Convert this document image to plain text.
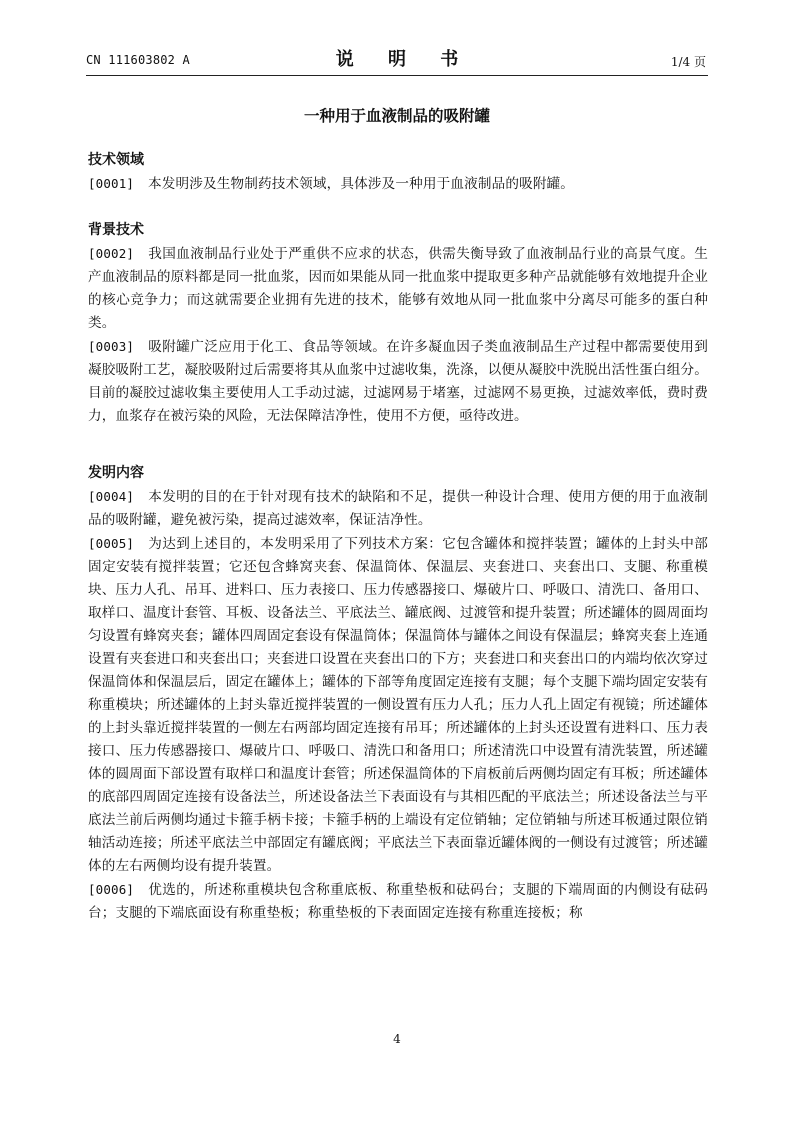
CN 111603802 A	说 明 书	1/4 页
一种用于血液制品的吸附罐

技术领域

[0001] 本发明涉及生物制药技术领域，具体涉及一种用于血液制品的吸附罐。

背景技术

[0002] 我国血液制品行业处于严重供不应求的状态，供需失衡导致了血液制品行业的高景气度。生产血液制品的原料都是同一批血浆，因而如果能从同一批血浆中提取更多种产品就能够有效地提升企业的核心竞争力；而这就需要企业拥有先进的技术，能够有效地从同一批血浆中分离尽可能多的蛋白种类。

[0003] 吸附罐广泛应用于化工、食品等领域。在许多凝血因子类血液制品生产过程中都需要使用到凝胶吸附工艺，凝胶吸附过后需要将其从血浆中过滤收集，洗涤，以便从凝胶中洗脱出活性蛋白组分。目前的凝胶过滤收集主要使用人工手动过滤，过滤网易于堵塞，过滤网不易更换，过滤效率低，费时费力，血浆存在被污染的风险，无法保障洁净性，使用不方便，亟待改进。

发明内容

[0004] 本发明的目的在于针对现有技术的缺陷和不足，提供一种设计合理、使用方便的用于血液制品的吸附罐，避免被污染，提高过滤效率，保证洁净性。

[0005] 为达到上述目的，本发明采用了下列技术方案：它包含罐体和搅拌装置；罐体的上封头中部固定安装有搅拌装置；它还包含蜂窝夹套、保温筒体、保温层、夹套进口、夹套出口、支腿、称重模块、压力人孔、吊耳、进料口、压力表接口、压力传感器接口、爆破片口、呼吸口、清洗口、备用口、取样口、温度计套管、耳板、设备法兰、平底法兰、罐底阀、过渡管和提升装置；所述罐体的圆周面均匀设置有蜂窝夹套；罐体四周固定套设有保温筒体；保温筒体与罐体之间设有保温层；蜂窝夹套上连通设置有夹套进口和夹套出口；夹套进口设置在夹套出口的下方；夹套进口和夹套出口的内端均依次穿过保温筒体和保温层后，固定在罐体上；罐体的下部等角度固定连接有支腿；每个支腿下端均固定安装有称重模块；所述罐体的上封头靠近搅拌装置的一侧设置有压力人孔；压力人孔上固定有视镜；所述罐体的上封头靠近搅拌装置的一侧左右两部均固定连接有吊耳；所述罐体的上封头还设置有进料口、压力表接口、压力传感器接口、爆破片口、呼吸口、清洗口和备用口；所述清洗口中设置有清洗装置，所述罐体的圆周面下部设置有取样口和温度计套管；所述保温筒体的下肩板前后两侧均固定有耳板；所述罐体的底部四周固定连接有设备法兰，所述设备法兰下表面设有与其相匹配的平底法兰；所述设备法兰与平底法兰前后两侧均通过卡箍手柄卡接；卡箍手柄的上端设有定位销轴；定位销轴与所述耳板通过限位销轴活动连接；所述平底法兰中部固定有罐底阀；平底法兰下表面靠近罐体阀的一侧设有过渡管；所述罐体的左右两侧均设有提升装置。

[0006] 优选的，所述称重模块包含称重底板、称重垫板和砝码台；支腿的下端周面的内侧设有砝码台；支腿的下端底面设有称重垫板；称重垫板的下表面固定连接有称重连接板；称

4
